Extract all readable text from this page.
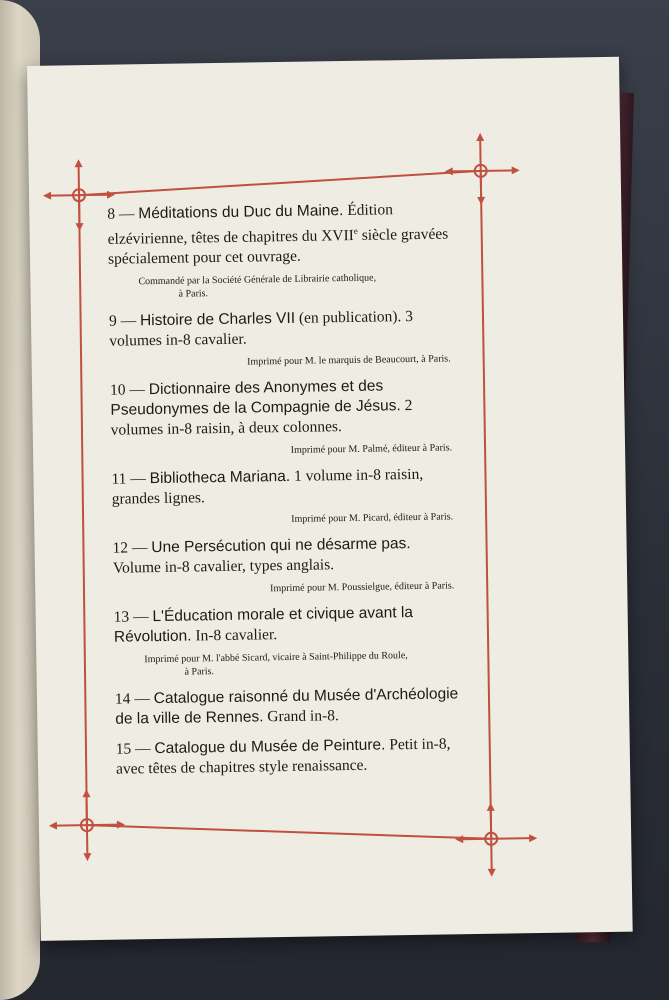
8 — Méditations du Duc du Maine. Édition elzévirienne, têtes de chapitres du XVIIe siècle gravées spécialement pour cet ouvrage.

Commandé par la Société Générale de Librairie catholique,
à Paris.

9 — Histoire de Charles VII (en publication). 3 volumes in-8 cavalier.

Imprimé pour M. le marquis de Beaucourt, à Paris.

10 — Dictionnaire des Anonymes et des Pseudonymes de la Compagnie de Jésus. 2 volumes in-8 raisin, à deux colonnes.

Imprimé pour M. Palmé, éditeur à Paris.

11 — Bibliotheca Mariana. 1 volume in-8 raisin, grandes lignes.

Imprimé pour M. Picard, éditeur à Paris.

12 — Une Persécution qui ne désarme pas. Volume in-8 cavalier, types anglais.

Imprimé pour M. Poussielgue, éditeur à Paris.

13 — L'Éducation morale et civique avant la Révolution. In-8 cavalier.

Imprimé pour M. l'abbé Sicard, vicaire à Saint-Philippe du Roule,
à Paris.

14 — Catalogue raisonné du Musée d'Archéologie de la ville de Rennes. Grand in-8.

15 — Catalogue du Musée de Peinture. Petit in-8, avec têtes de chapitres style renaissance.
